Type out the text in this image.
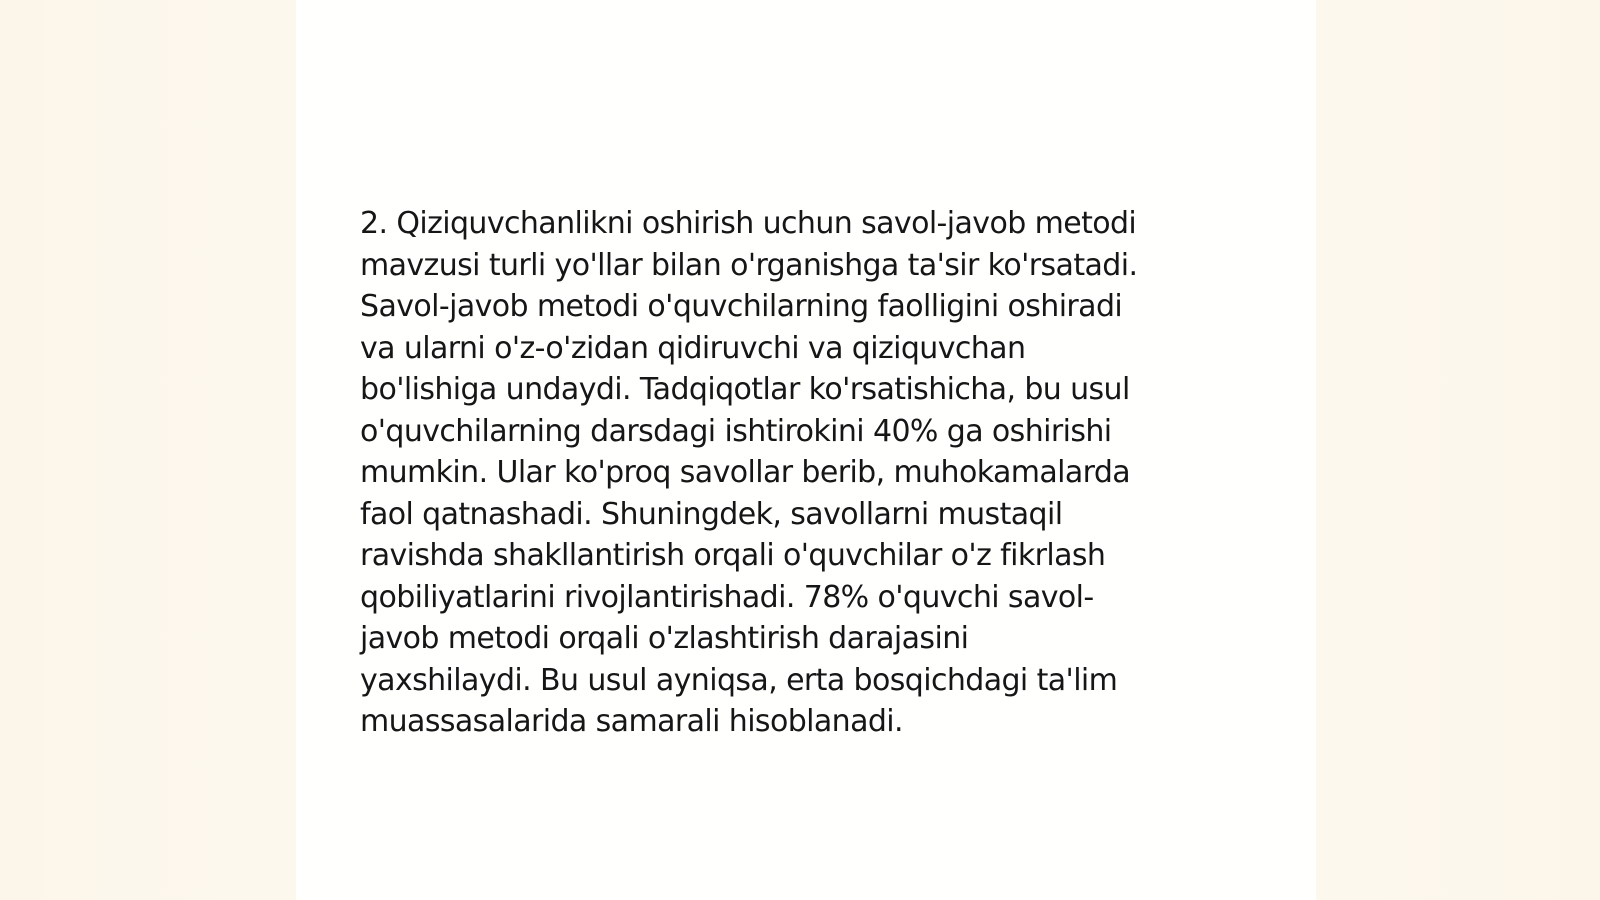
2. Qiziquvchanlikni oshirish uchun savol-javob metodi
mavzusi turli yo'llar bilan o'rganishga ta'sir ko'rsatadi.
Savol-javob metodi o'quvchilarning faolligini oshiradi
va ularni o'z-o'zidan qidiruvchi va qiziquvchan
bo'lishiga undaydi. Tadqiqotlar ko'rsatishicha, bu usul
o'quvchilarning darsdagi ishtirokini 40% ga oshirishi
mumkin. Ular ko'proq savollar berib, muhokamalarda
faol qatnashadi. Shuningdek, savollarni mustaqil
ravishda shakllantirish orqali o'quvchilar o'z fikrlash
qobiliyatlarini rivojlantirishadi. 78% o'quvchi savol-
javob metodi orqali o'zlashtirish darajasini
yaxshilaydi. Bu usul ayniqsa, erta bosqichdagi ta'lim
muassasalarida samarali hisoblanadi.
